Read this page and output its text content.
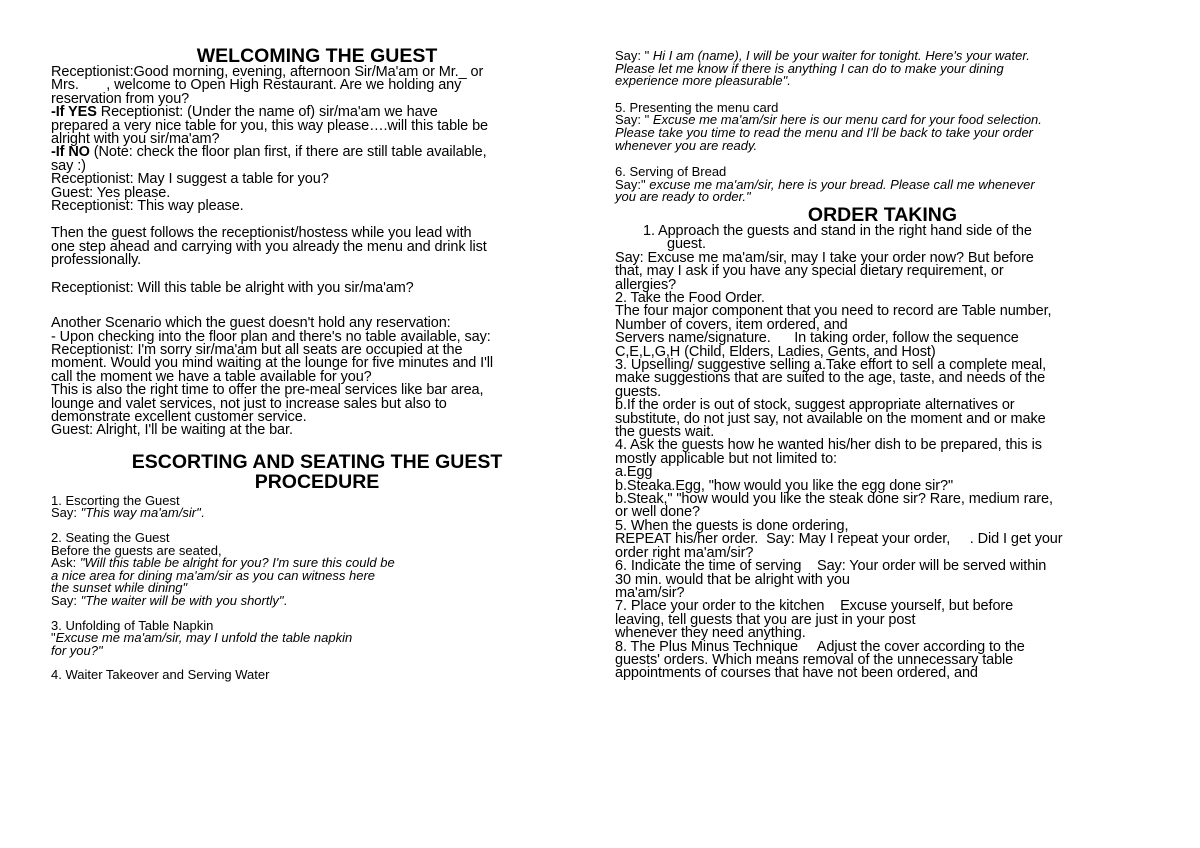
WELCOMING THE GUEST

Receptionist:Good morning, evening, afternoon Sir/Ma'am or Mr._ or

Mrs.       , welcome to Open High Restaurant. Are we holding any

reservation from you?

-If YES Receptionist: (Under the name of) sir/ma'am we have

prepared a very nice table for you, this way please….will this table be

alright with you sir/ma'am?

-If NO (Note: check the floor plan first, if there are still table available,

say :)

Receptionist: May I suggest a table for you?

Guest: Yes please.

Receptionist: This way please.

Then the guest follows the receptionist/hostess while you lead with

one step ahead and carrying with you already the menu and drink list

professionally.

Receptionist: Will this table be alright with you sir/ma'am?

Another Scenario which the guest doesn't hold any reservation:

- Upon checking into the floor plan and there's no table available, say:

Receptionist: I'm sorry sir/ma'am but all seats are occupied at the

moment. Would you mind waiting at the lounge for five minutes and I'll

call the moment we have a table available for you?

This is also the right time to offer the pre-meal services like bar area,

lounge and valet services, not just to increase sales but also to

demonstrate excellent customer service.

Guest: Alright, I'll be waiting at the bar.

ESCORTING AND SEATING THE GUEST
PROCEDURE

1. Escorting the Guest

Say: "This way ma'am/sir".

2. Seating the Guest

Before the guests are seated,

Ask: "Will this table be alright for you? I'm sure this could be

a nice area for dining ma'am/sir as you can witness here

the sunset while dining"

Say: "The waiter will be with you shortly".

3. Unfolding of Table Napkin

"Excuse me ma'am/sir, may I unfold the table napkin

for you?"

4. Waiter Takeover and Serving Water

Say: " Hi I am (name), I will be your waiter for tonight. Here's your water.

Please let me know if there is anything I can do to make your dining

experience more pleasurable".

5. Presenting the menu card

Say: " Excuse me ma'am/sir here is our menu card for your food selection.

Please take you time to read the menu and I'll be back to take your order

whenever you are ready.

6. Serving of Bread

Say:" excuse me ma'am/sir, here is your bread. Please call me whenever

you are ready to order."

ORDER TAKING

1. Approach the guests and stand in the right hand side of the

guest.

Say: Excuse me ma'am/sir, may I take your order now? But before

that, may I ask if you have any special dietary requirement, or

allergies?

2. Take the Food Order.

The four major component that you need to record are Table number,

Number of covers, item ordered, and

Servers name/signature.      In taking order, follow the sequence

C,E,L,G,H (Child, Elders, Ladies, Gents, and Host)

3. Upselling/ suggestive selling a.Take effort to sell a complete meal,

make suggestions that are suited to the age, taste, and needs of the

guests.

b.If the order is out of stock, suggest appropriate alternatives or

substitute, do not just say, not available on the moment and or make

the guests wait.

4. Ask the guests how he wanted his/her dish to be prepared, this is

mostly applicable but not limited to:

a.Egg

b.Steaka.Egg, "how would you like the egg done sir?"

b.Steak," "how would you like the steak done sir? Rare, medium rare,

or well done?

5. When the guests is done ordering,

REPEAT his/her order.  Say: May I repeat your order,     . Did I get your

order right ma'am/sir?

6. Indicate the time of serving    Say: Your order will be served within

30 min. would that be alright with you

ma'am/sir?

7. Place your order to the kitchen    Excuse yourself, but before

leaving, tell guests that you are just in your post

whenever they need anything.

8. The Plus Minus Technique     Adjust the cover according to the

guests' orders. Which means removal of the unnecessary table

appointments of courses that have not been ordered, and
